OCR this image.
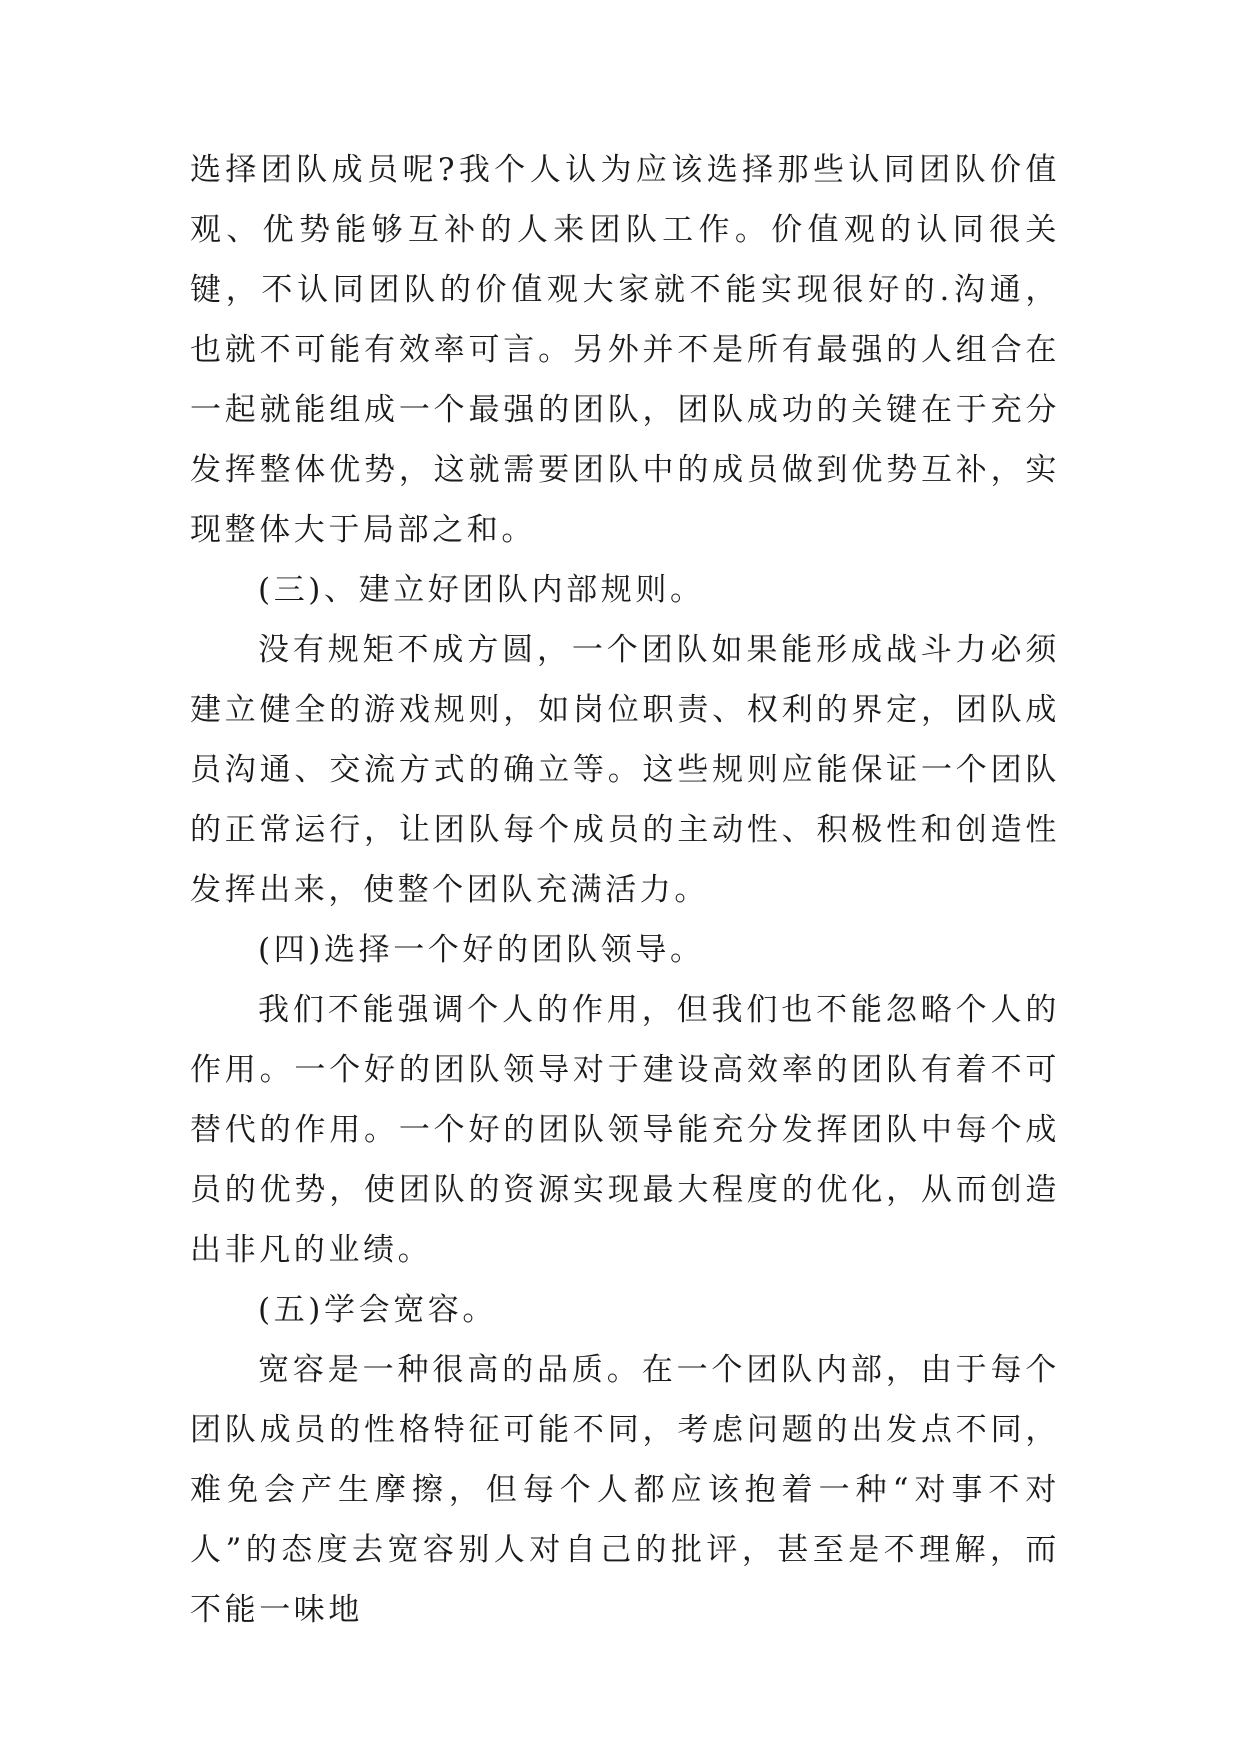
选择团队成员呢?我个人认为应该选择那些认同团队价值观、优势能够互补的人来团队工作。价值观的认同很关键，不认同团队的价值观大家就不能实现很好的.沟通，也就不可能有效率可言。另外并不是所有最强的人组合在一起就能组成一个最强的团队，团队成功的关键在于充分发挥整体优势，这就需要团队中的成员做到优势互补，实现整体大于局部之和。

(三)、建立好团队内部规则。

没有规矩不成方圆，一个团队如果能形成战斗力必须建立健全的游戏规则，如岗位职责、权利的界定，团队成员沟通、交流方式的确立等。这些规则应能保证一个团队的正常运行，让团队每个成员的主动性、积极性和创造性发挥出来，使整个团队充满活力。

(四)选择一个好的团队领导。

我们不能强调个人的作用，但我们也不能忽略个人的作用。一个好的团队领导对于建设高效率的团队有着不可替代的作用。一个好的团队领导能充分发挥团队中每个成员的优势，使团队的资源实现最大程度的优化，从而创造出非凡的业绩。

(五)学会宽容。

宽容是一种很高的品质。在一个团队内部，由于每个团队成员的性格特征可能不同，考虑问题的出发点不同，难免会产生摩擦，但每个人都应该抱着一种“对事不对人”的态度去宽容别人对自己的批评，甚至是不理解，而不能一味地
